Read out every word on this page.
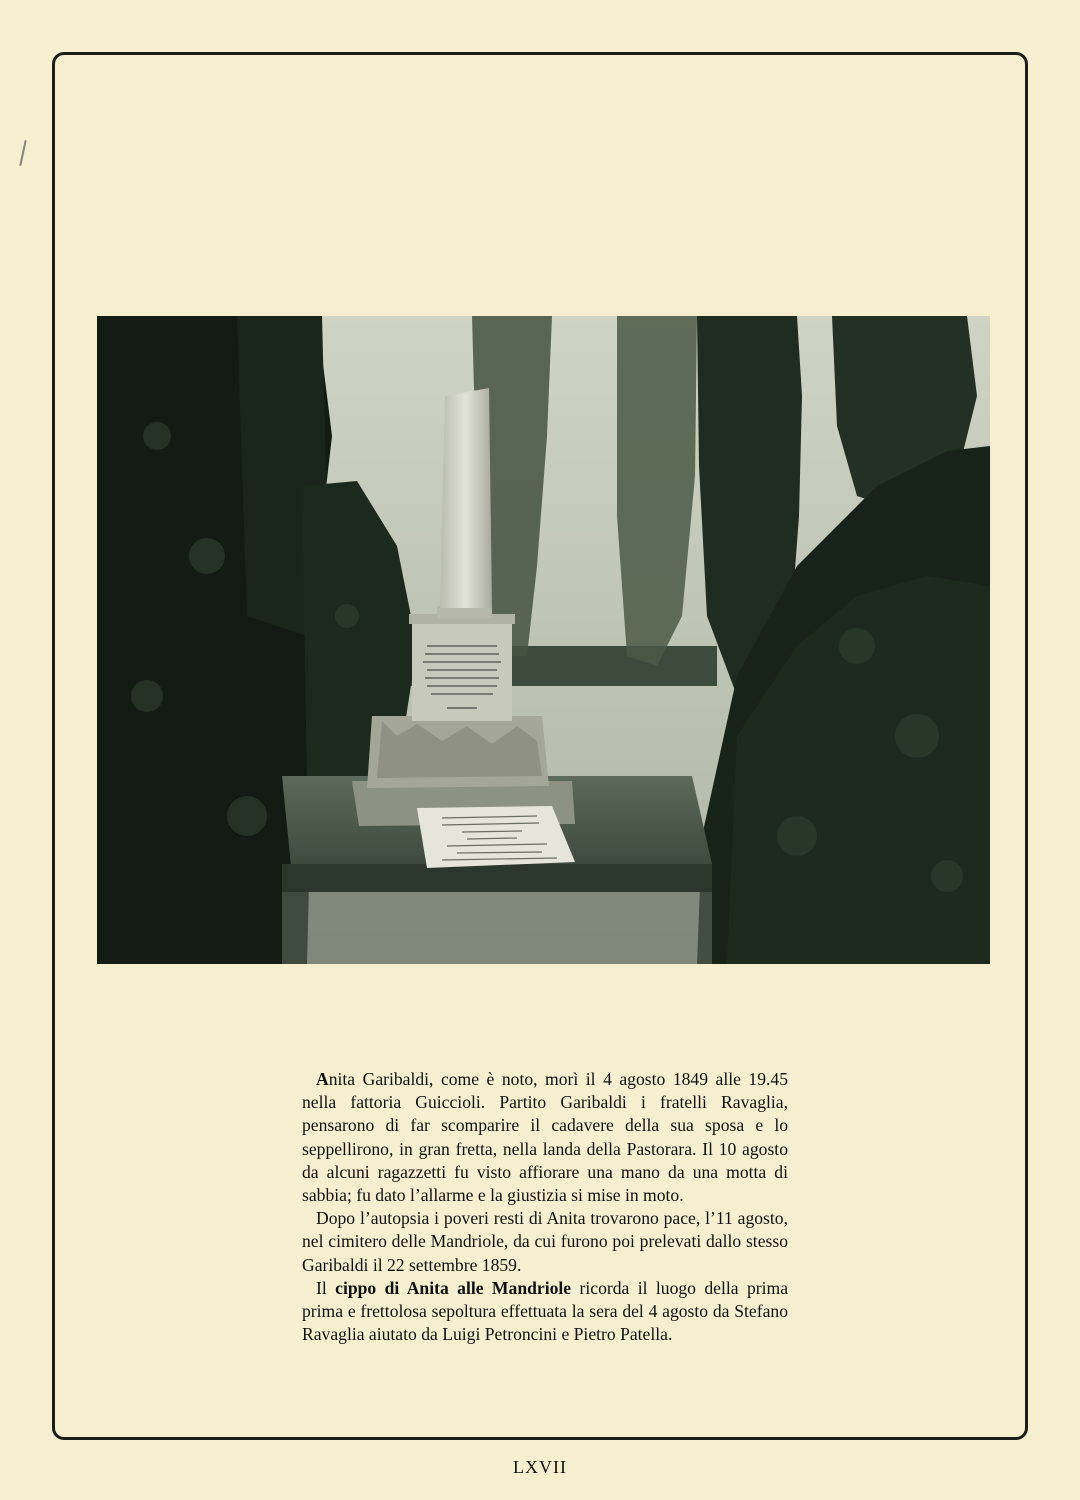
Anita Garibaldi, come è noto, morì il 4 agosto 1849 alle 19.45 nella fattoria Guiccioli. Partito Garibaldi i fratelli Ravaglia, pensarono di far scomparire il cadavere della sua sposa e lo seppellirono, in gran fretta, nella landa della Pastorara. Il 10 agosto da alcuni ragazzetti fu visto affiorare una mano da una motta di sabbia; fu dato l’allarme e la giustizia si mise in moto.

Dopo l’autopsia i poveri resti di Anita trovarono pace, l’11 agosto, nel cimitero delle Mandriole, da cui furono poi prelevati dallo stesso Garibaldi il 22 settembre 1859.

Il cippo di Anita alle Mandriole ricorda il luogo della prima prima e frettolosa sepoltura effettuata la sera del 4 agosto da Stefano Ravaglia aiutato da Luigi Petroncini e Pietro Patella.

LXVII
